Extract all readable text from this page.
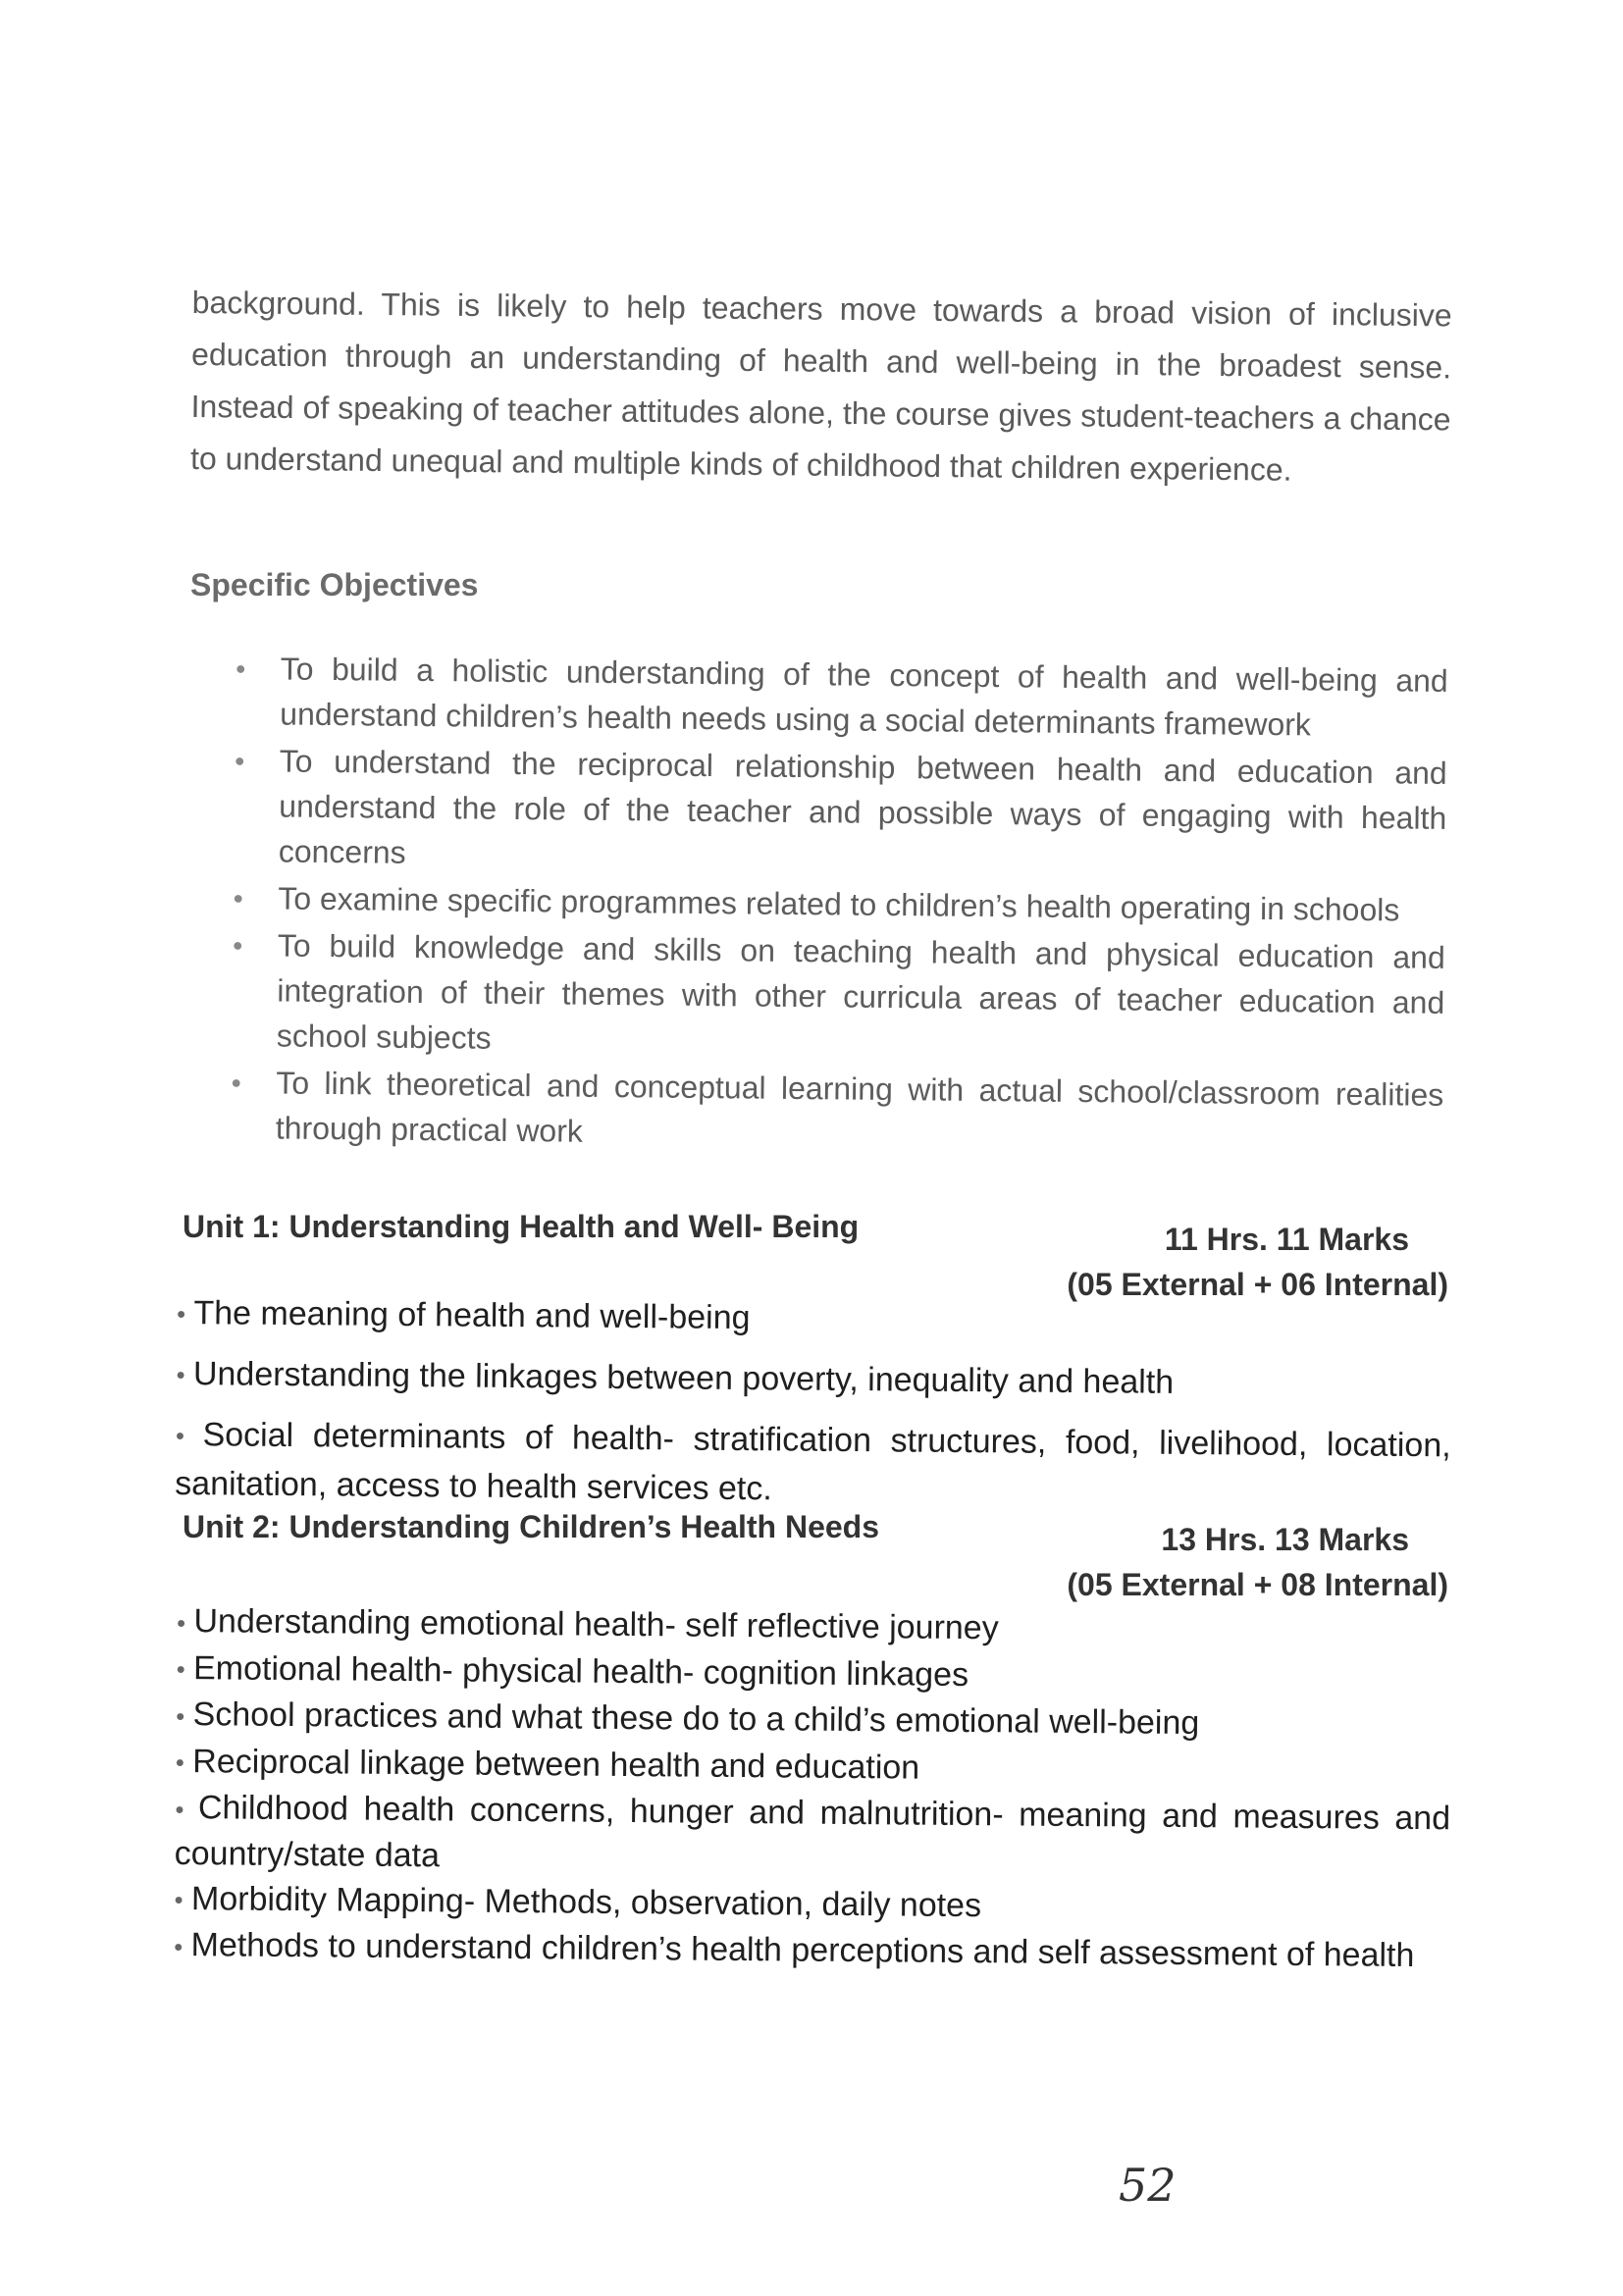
background. This is likely to help teachers move towards a broad vision of inclusive education through an understanding of health and well-being in the broadest sense. Instead of speaking of teacher attitudes alone, the course gives student-teachers a chance to understand unequal and multiple kinds of childhood that children experience.

Specific Objectives
● To build a holistic understanding of the concept of health and well-being and understand children’s health needs using a social determinants framework
● To understand the reciprocal relationship between health and education and understand the role of the teacher and possible ways of engaging with health concerns
● To examine specific programmes related to children’s health operating in schools
● To build knowledge and skills on teaching health and physical education and integration of their themes with other curricula areas of teacher education and school subjects
● To link theoretical and conceptual learning with actual school/classroom realities through practical work
Unit 1: Understanding Health and Well- Being	11 Hrs. 11 Marks
(05 External + 06 Internal)
● The meaning of health and well-being
● Understanding the linkages between poverty, inequality and health
● Social determinants of health- stratification structures, food, livelihood, location, sanitation, access to health services etc.
Unit 2: Understanding Children’s Health Needs	13 Hrs. 13 Marks
(05 External + 08 Internal)
● Understanding emotional health- self reflective journey
● Emotional health- physical health- cognition linkages
● School practices and what these do to a child’s emotional well-being
● Reciprocal linkage between health and education
● Childhood health concerns, hunger and malnutrition- meaning and measures and country/state data
● Morbidity Mapping- Methods, observation, daily notes
● Methods to understand children’s health perceptions and self assessment of health
52
